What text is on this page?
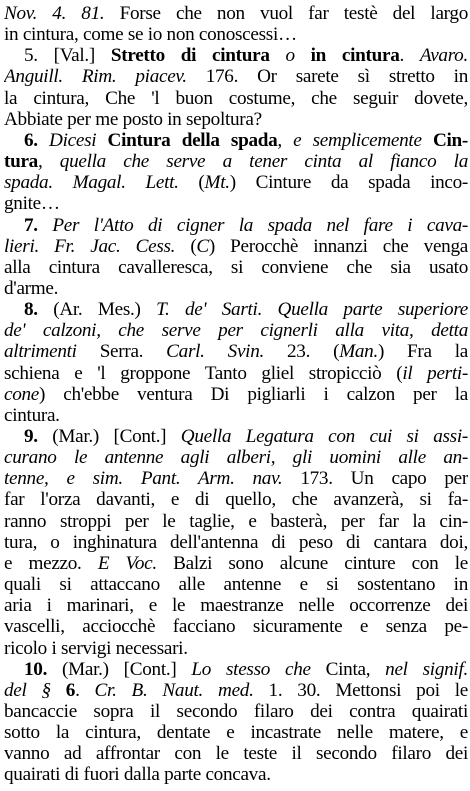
Nov. 4. 81. Forse che non vuol far testè del largo
in cintura, come se io non conoscessi…
5. [Val.] Stretto di cintura o in cintura. Avaro.
Anguill. Rim. piacev. 176. Or sarete sì stretto in
la cintura, Che 'l buon costume, che seguir dovete,
Abbiate per me posto in sepoltura?
6. Dicesi Cintura della spada, e semplicemente Cin-
tura, quella che serve a tener cinta al fianco la
spada. Magal. Lett. (Mt.) Cinture da spada inco-
gnite…
7. Per l'Atto di cigner la spada nel fare i cava-
lieri. Fr. Jac. Cess. (C) Perocchè innanzi che venga
alla cintura cavalleresca, si conviene che sia usato
d'arme.
8. (Ar. Mes.) T. de' Sarti. Quella parte superiore
de' calzoni, che serve per cignerli alla vita, detta
altrimenti Serra. Carl. Svin. 23. (Man.) Fra la
schiena e 'l groppone Tanto gliel stropicciò (il perti-
cone) ch'ebbe ventura Di pigliarli i calzon per la
cintura.
9. (Mar.) [Cont.] Quella Legatura con cui si assi-
curano le antenne agli alberi, gli uomini alle an-
tenne, e sim. Pant. Arm. nav. 173. Un capo per
far l'orza davanti, e di quello, che avanzerà, si fa-
ranno stroppi per le taglie, e basterà, per far la cin-
tura, o inghinatura dell'antenna di peso di cantara doi,
e mezzo. E Voc. Balzi sono alcune cinture con le
quali si attaccano alle antenne e si sostentano in
aria i marinari, e le maestranze nelle occorrenze dei
vascelli, acciocchè facciano sicuramente e senza pe-
ricolo i servigi necessari.
10. (Mar.) [Cont.] Lo stesso che Cinta, nel signif.
del § 6. Cr. B. Naut. med. 1. 30. Mettonsi poi le
bancaccie sopra il secondo filaro dei contra quairati
sotto la cintura, dentate e incastrate nelle matere, e
vanno ad affrontar con le teste il secondo filaro dei
quairati di fuori dalla parte concava.
